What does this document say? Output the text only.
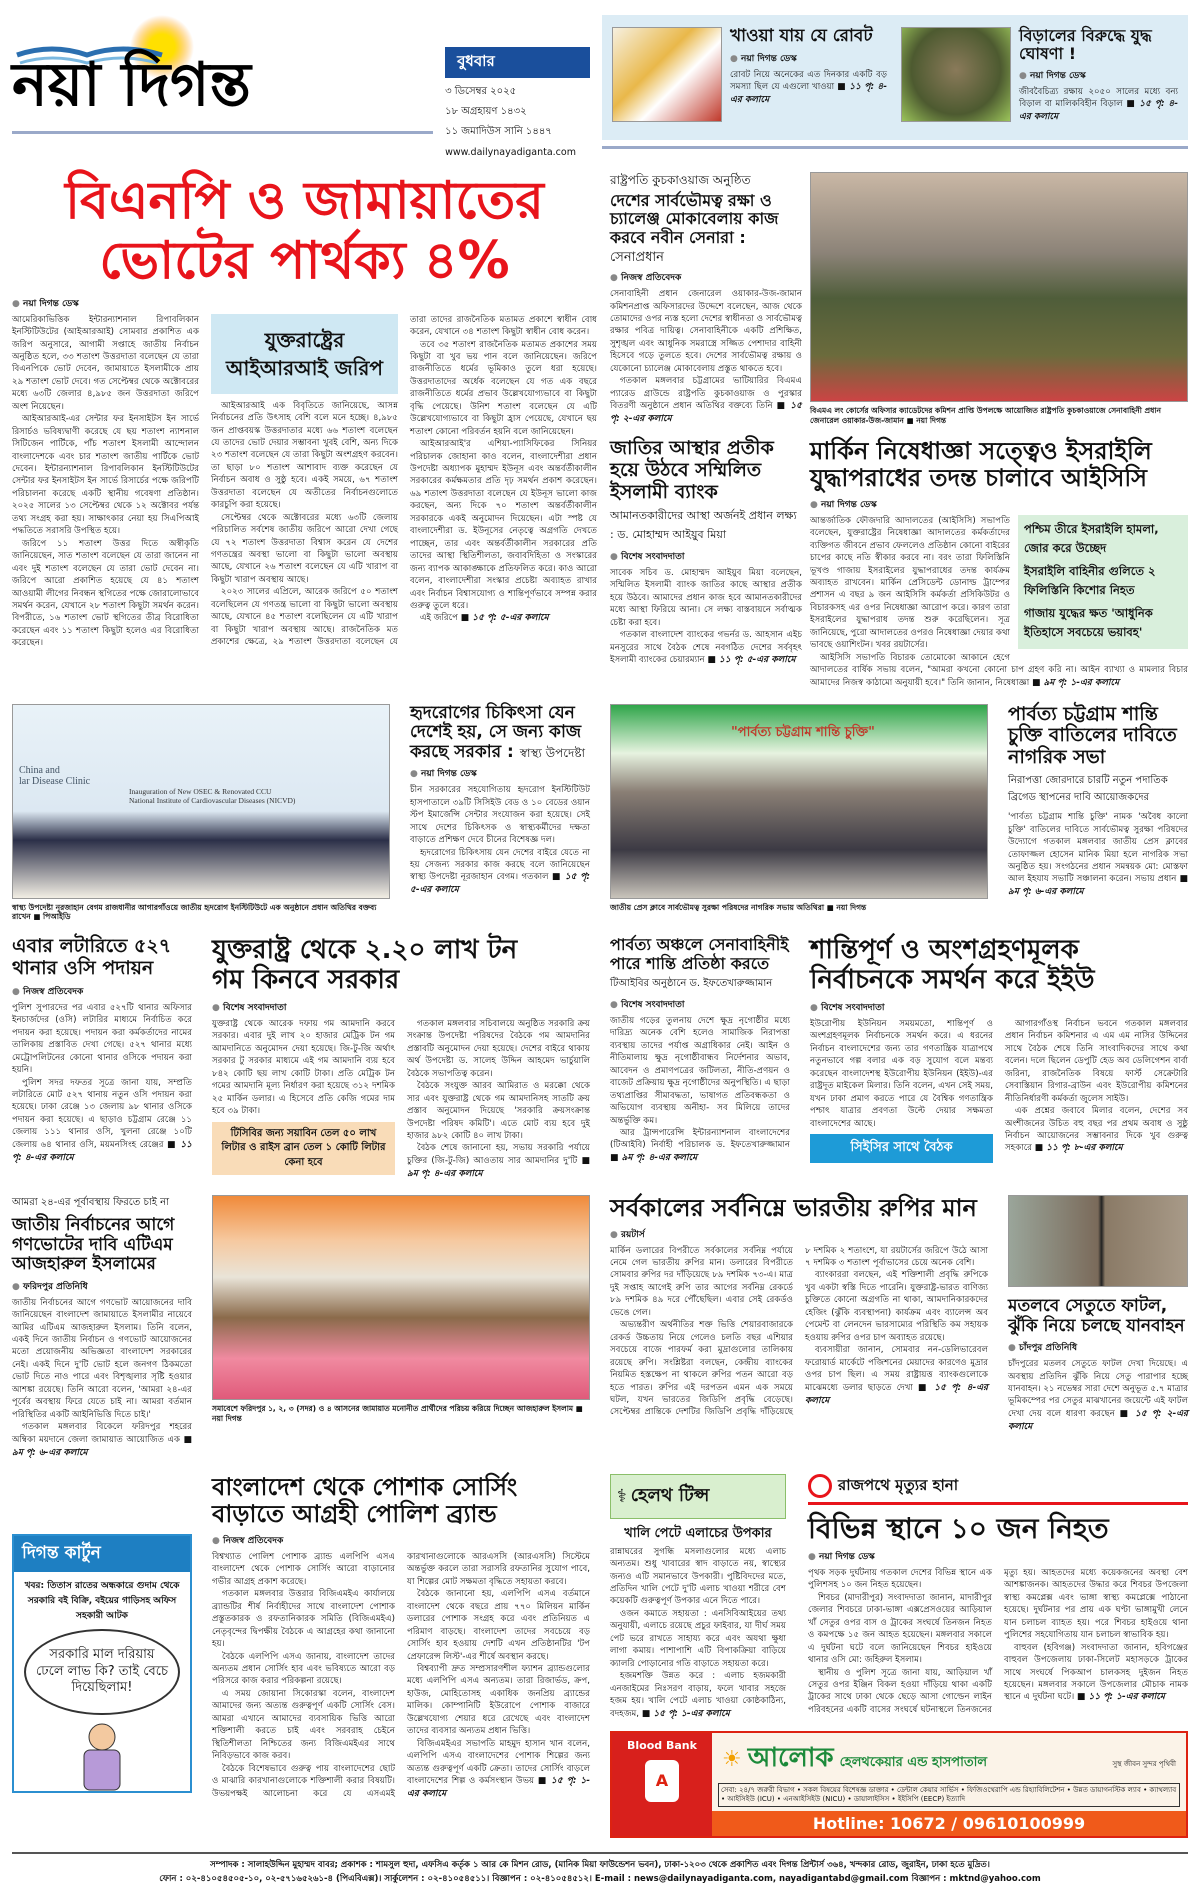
নয়া দিগন্ত	বুধবার
৩ ডিসেম্বর ২০২৫
১৮ অগ্রহায়ণ ১৪৩২
১১ জমাদিউস সানি ১৪৪৭
www.dailynayadiganta.com
খাওয়া যায় যে রোবট
● নয়া দিগন্ত ডেস্ক
রোবট নিয়ে অনেকের এত দিনকার একটি বড় সমস্যা ছিল যে এগুলো খাওয়া ■ ১১ পৃ: ৪-এর কলামে
বিড়ালের বিরুদ্ধে যুদ্ধ ঘোষণা !
● নয়া দিগন্ত ডেস্ক
জীববৈচিত্র্য রক্ষায় ২০৫০ সালের মধ্যে বন্য বিড়াল বা মালিকবিহীন বিড়াল ■ ১৫ পৃ: ৪-এর কলামে
বিএনপি ও জামায়াতের ভোটের পার্থক্য ৪%
● নয়া দিগন্ত ডেস্ক

আমেরিকাভিত্তিক ইন্টারন্যাশনাল রিপাবলিকান ইনস্টিটিউটের (আইআরআই) সোমবার প্রকাশিত এক জরিপ অনুসারে, আগামী সপ্তাহে জাতীয় নির্বাচন অনুষ্ঠিত হলে, ৩৩ শতাংশ উত্তরদাতা বলেছেন যে তারা বিএনপিকে ভোট দেবেন, জামায়াতে ইসলামীকে প্রায় ২৯ শতাংশ ভোট দেবে। গত সেপ্টেম্বর থেকে অক্টোবরের মধ্যে ৬৩টি জেলার ৪,৯৮৫ জন উত্তরদাতা জরিপে অংশ নিয়েছেন।

আইআরআই-এর সেন্টার ফর ইনসাইটস ইন সার্ভে রিসার্চও ভবিষ্যদ্বাণী করেছে যে ছয় শতাংশ ন্যাশনাল সিটিজেন পার্টিকে, পাঁচ শতাংশ ইসলামী আন্দোলন বাংলাদেশকে এবং চার শতাংশ জাতীয় পার্টিকে ভোট দেবেন। ইন্টারন্যাশনাল রিপাবলিকান ইনস্টিটিউটের সেন্টার ফর ইনসাইটস ইন সার্ভে রিসার্চের পক্ষে জরিপটি পরিচালনা করেছে একটি স্থানীয় গবেষণা প্রতিষ্ঠান। ২০২৫ সালের ১৩ সেপ্টেম্বর থেকে ১২ অক্টোবর পর্যন্ত তথ্য সংগ্রহ করা হয়। সাক্ষাৎকার নেয়া হয় সিএপিআই পদ্ধতিতে সরাসরি উপস্থিত হয়ে।

জরিপে ১১ শতাংশ উত্তর দিতে অস্বীকৃতি জানিয়েছেন, সাত শতাংশ বলেছেন যে তারা জানেন না এবং দুই শতাংশ বলেছেন যে তারা ভোট দেবেন না। জরিপে আরো প্রকাশিত হয়েছে যে ৪১ শতাংশ আওয়ামী লীগের নিবন্ধন স্থগিতের পক্ষে জোরালোভাবে সমর্থন করেন, যেখানে ২৮ শতাংশ কিছুটা সমর্থন করেন। বিপরীতে, ১৬ শতাংশ ভোট স্থগিতের তীব্র বিরোধিতা করেছেন এবং ১১ শতাংশ কিছুটা হলেও এর বিরোধিতা করেছেন।

যুক্তরাষ্ট্রের আইআরআই জরিপ

আইআরআই এক বিবৃতিতে জানিয়েছে, আসন্ন নির্বাচনের প্রতি উৎসাহ বেশি বলে মনে হচ্ছে। ৪,৯৮৫ জন প্রাপ্তবয়স্ক উত্তরদাতার মধ্যে ৬৬ শতাংশ বলেছেন যে তাদের ভোট দেয়ার সম্ভাবনা খুবই বেশি, অন্য দিকে ২৩ শতাংশ বলেছেন যে তারা কিছুটা অংশগ্রহণ করবেন। তা ছাড়া ৮০ শতাংশ আশাবাদ ব্যক্ত করেছেন যে নির্বাচন অবাধ ও সুষ্ঠু হবে। একই সময়ে, ৬৭ শতাংশ উত্তরদাতা বলেছেন যে অতীতের নির্বাচনগুলোতে কারচুপি করা হয়েছে।

সেপ্টেম্বর থেকে অক্টোবরের মধ্যে ৬৩টি জেলায় পরিচালিত সর্বশেষ জাতীয় জরিপে আরো দেখা গেছে যে ৭২ শতাংশ উত্তরদাতা বিশ্বাস করেন যে দেশের গণতন্ত্রের অবস্থা ভালো বা কিছুটা ভালো অবস্থায় আছে, যেখানে ২৬ শতাংশ বলেছেন যে এটি খারাপ বা কিছুটা খারাপ অবস্থায় আছে।

২০২৩ সালের এপ্রিলে, আরেক জরিপে ৫০ শতাংশ বলেছিলেন যে গণতন্ত্র ভালো বা কিছুটা ভালো অবস্থায় আছে, যেখানে ৪৫ শতাংশ বলেছিলেন যে এটি খারাপ বা কিছুটা খারাপ অবস্থায় আছে। রাজনৈতিক মত প্রকাশের ক্ষেত্রে, ২৯ শতাংশ উত্তরদাতা বলেছেন যে তারা তাদের রাজনৈতিক মতামত প্রকাশে স্বাধীন বোধ করেন, যেখানে ৩৪ শতাংশ কিছুটা স্বাধীন বোধ করেন।

তবে ৩৫ শতাংশ রাজনৈতিক মতামত প্রকাশের সময় কিছুটা বা খুব ভয় পান বলে জানিয়েছেন। জরিপে রাজনীতিতে ধর্মের ভূমিকাও তুলে ধরা হয়েছে। উত্তরদাতাদের অর্ধেক বলেছেন যে গত এক বছরে রাজনীতিতে ধর্মের প্রভাব উল্লেখযোগ্যভাবে বা কিছুটা বৃদ্ধি পেয়েছে। উনিশ শতাংশ বলেছেন যে এটি উল্লেখযোগ্যভাবে বা কিছুটা হ্রাস পেয়েছে, যেখানে ছয় শতাংশ কোনো পরিবর্তন হয়নি বলে জানিয়েছেন।

আইআরআই'র এশিয়া-প্যাসিফিকের সিনিয়র পরিচালক জোহানা কাও বলেন, বাংলাদেশীরা প্রধান উপদেষ্টা অধ্যাপক মুহাম্মদ ইউনূস এবং অন্তর্বর্তীকালীন সরকারের কর্মক্ষমতার প্রতি দৃঢ় সমর্থন প্রকাশ করেছেন। ৬৯ শতাংশ উত্তরদাতা বলেছেন যে ইউনূস ভালো কাজ করছেন, অন্য দিকে ৭০ শতাংশ অন্তর্বর্তীকালীন সরকারকে একই অনুমোদন দিয়েছেন। এটা স্পষ্ট যে বাংলাদেশীরা ড. ইউনূসের নেতৃত্বে অগ্রগতি দেখতে পাচ্ছেন, তার এবং অন্তর্বর্তীকালীন সরকারের প্রতি তাদের আস্থা স্থিতিশীলতা, জবাবদিহিতা ও সংস্কারের জন্য ব্যাপক আকাঙ্ক্ষাকে প্রতিফলিত করে। কাও আরো বলেন, বাংলাদেশীরা সংস্কার প্রচেষ্টা অব্যাহত রাখার এবং নির্বাচন বিশ্বাসযোগ্য ও শান্তিপূর্ণভাবে সম্পন্ন করার গুরুত্ব তুলে ধরে।

এই জরিপে ■ ১৫ পৃ: ৫-এর কলামে

রাষ্ট্রপতি কুচকাওয়াজ অনুষ্ঠিত
দেশের সার্বভৌমত্ব রক্ষা ও চ্যালেঞ্জ মোকাবেলায় কাজ করবে নবীন সেনারা : সেনাপ্রধান
● নিজস্ব প্রতিবেদক

সেনাবাহিনী প্রধান জেনারেল ওয়াকার-উজ-জামান কমিশনপ্রাপ্ত অফিসারদের উদ্দেশে বলেছেন, আজ থেকে তোমাদের ওপর ন্যস্ত হলো দেশের স্বাধীনতা ও সার্বভৌমত্ব রক্ষার পবিত্র দায়িত্ব। সেনাবাহিনীকে একটি প্রশিক্ষিত, সুশৃঙ্খল এবং আধুনিক সমরাস্ত্রে সজ্জিত পেশাদার বাহিনী হিসেবে গড়ে তুলতে হবে। দেশের সার্বভৌমত্ব রক্ষায় ও যেকোনো চ্যালেঞ্জ মোকাবেলায় প্রস্তুত থাকতে হবে।

গতকাল মঙ্গলবার চট্টগ্রামের ভাটিয়ারির বিএমএ প্যারেড গ্রাউন্ডে রাষ্ট্রপতি কুচকাওয়াজ ও পুরস্কার বিতরণী অনুষ্ঠানে প্রধান অতিথির বক্তব্যে তিনি ■ ১৫ পৃ: ২-এর কলামে

জাতির আস্থার প্রতীক হয়ে উঠবে সম্মিলিত ইসলামী ব্যাংক
আমানতকারীদের আস্থা অর্জনই প্রধান লক্ষ্য : ড. মোহাম্মদ আইয়ুব মিয়া
● বিশেষ সংবাদদাতা

সাবেক সচিব ড. মোহাম্মদ আইয়ুব মিয়া বলেছেন, সম্মিলিত ইসলামী ব্যাংক জাতির কাছে আস্থার প্রতীক হয়ে উঠবে। আমাদের প্রধান কাজ হবে আমানতকারীদের মধ্যে আস্থা ফিরিয়ে আনা। সে লক্ষ্য বাস্তবায়নে সর্বাত্মক চেষ্টা করা হবে।

গতকাল বাংলাদেশ ব্যাংকের গভর্নর ড. আহসান এইচ মনসুরের সাথে বৈঠক শেষে নবগঠিত দেশের সর্ববৃহৎ ইসলামী ব্যাংকের চেয়ারম্যান ■ ১১ পৃ: ৫-এর কলামে

বিএমএ লং কোর্সের অফিসার ক্যাডেটদের কমিশন প্রাপ্তি উপলক্ষে আয়োজিত রাষ্ট্রপতি কুচকাওয়াজে সেনাবাহিনী প্রধান জেনারেল ওয়াকার-উজ-জামান ■ নয়া দিগন্ত
মার্কিন নিষেধাজ্ঞা সত্ত্বেও ইসরাইলি যুদ্ধাপরাধের তদন্ত চালাবে আইসিসি
● নয়া দিগন্ত ডেস্ক
পশ্চিম তীরে ইসরাইলি হামলা, জোর করে উচ্ছেদ
ইসরাইলি বাহিনীর গুলিতে ২ ফিলিস্তিনি কিশোর নিহত
গাজায় যুদ্ধের ক্ষত 'আধুনিক ইতিহাসে সবচেয়ে ভয়াবহ'

আন্তর্জাতিক ফৌজদারি আদালতের (আইসিসি) সভাপতি বলেছেন, যুক্তরাষ্ট্রের নিষেধাজ্ঞা আদালতের কর্মকর্তাদের ব্যক্তিগত জীবনে প্রভাব ফেললেও প্রতিষ্ঠান কোনো বাইরের চাপের কাছে নতি স্বীকার করবে না। বরং তারা ফিলিস্তিনি ভূখণ্ড গাজায় ইসরাইলের যুদ্ধাপরাধের তদন্ত কার্যক্রম অব্যাহত রাখবেন। মার্কিন প্রেসিডেন্ট ডোনাল্ড ট্রাম্পের প্রশাসন এ বছর ৯ জন আইসিসি কর্মকর্তা প্রসিকিউটর ও বিচারকসহ এর ওপর নিষেধাজ্ঞা আরোপ করে। কারণ তারা ইসরাইলের যুদ্ধাপরাধ তদন্ত শুরু করেছিলেন। সূত্র জানিয়েছে, পুরো আদালতের ওপরও নিষেধাজ্ঞা দেয়ার কথা ভাবছে ওয়াশিংটন। খবর রয়টার্সের।

আইসিসি সভাপতি বিচারক তোমোকো আকানে হেগে আদালতের বার্ষিক সভায় বলেন, "আমরা কখনো কোনো চাপ গ্রহণ করি না। আইন ব্যাখ্যা ও মামলার বিচার আমাদের নিজস্ব কাঠামো অনুযায়ী হবে।" তিনি জানান, নিষেধাজ্ঞা ■ ৯ম পৃ: ১-এর কলামে

China and
lar Disease Clinic
Inauguration of New OSEC & Renovated CCU
National Institute of Cardiovascular Diseases (NICVD)
স্বাস্থ্য উপদেষ্টা নূরজাহান বেগম রাজধানীর আগারগাঁওয়ে জাতীয় হৃদরোগ ইনস্টিটিউটে এক অনুষ্ঠানে প্রধান অতিথির বক্তব্য রাখেন ■ পিআইডি
হৃদরোগের চিকিৎসা যেন দেশেই হয়, সে জন্য কাজ করছে সরকার : স্বাস্থ্য উপদেষ্টা
● নয়া দিগন্ত ডেস্ক

চীন সরকারের সহযোগিতায় হৃদরোগ ইনস্টিটিউট হাসপাতালে ৩৯টি সিসিইউ বেড ও ১০ বেডের ওয়ান স্টপ ইমার্জেন্সি সেন্টার সংযোজন করা হয়েছে। সেই সাথে দেশের চিকিৎসক ও স্বাস্থ্যকর্মীদের দক্ষতা বাড়াতে প্রশিক্ষণ দেবে চীনের বিশেষজ্ঞ দল।

হৃদরোগের চিকিৎসায় যেন দেশের বাইরে যেতে না হয় সেজন্য সরকার কাজ করছে বলে জানিয়েছেন স্বাস্থ্য উপদেষ্টা নূরজাহান বেগম। গতকাল ■ ১৫ পৃ: ৫-এর কলামে

"পার্বত্য চট্টগ্রাম শান্তি চুক্তি"
জাতীয় প্রেস ক্লাবে সার্বভৌমত্ব সুরক্ষা পরিষদের নাগরিক সভায় অতিথিরা ■ নয়া দিগন্ত
পার্বত্য চট্টগ্রাম শান্তি চুক্তি বাতিলের দাবিতে নাগরিক সভা
নিরাপত্তা জোরদারে চারটি নতুন পদাতিক ব্রিগেড স্থাপনের দাবি আয়োজকদের

'পার্বত্য চট্টগ্রাম শান্তি চুক্তি' নামক 'অবৈধ কালো চুক্তি' বাতিলের দাবিতে সার্বভৌমত্ব সুরক্ষা পরিষদের উদ্যোগে গতকাল মঙ্গলবার জাতীয় প্রেস ক্লাবের তোফাজ্জল হোসেন মানিক মিয়া হলে নাগরিক সভা অনুষ্ঠিত হয়। সংগঠনের প্রধান সমন্বয়ক মো: মোস্তফা আল ইহযায সভাটি সঞ্চালনা করেন। সভায় প্রধান ■ ৯ম পৃ: ৬-এর কলামে

এবার লটারিতে ৫২৭ থানার ওসি পদায়ন
● নিজস্ব প্রতিবেদক

পুলিশ সুপারদের পর এবার ৫২৭টি থানার অফিসার ইনচার্জদের (ওসি) লটারির মাধ্যমে নির্বাচিত করে পদায়ন করা হয়েছে। পদায়ন করা কর্মকর্তাদের নামের তালিকায় প্রস্তাবিত দেখা গেছে। ৫২৭ থানার মধ্যে মেট্রোপলিটনের কোনো থানার ওসিকে পদায়ন করা হয়নি।

পুলিশ সদর দফতর সূত্রে জানা যায়, সম্প্রতি লটারিতে মোট ৫২৭ থানায় নতুন ওসি পদায়ন করা হয়েছে। ঢাকা রেঞ্জে ১৩ জেলায় ৯৮ থানার ওসিকে পদায়ন করা হয়েছে। এ ছাড়াও চট্টগ্রাম রেঞ্জে ১১ জেলায় ১১১ থানার ওসি, খুলনা রেঞ্জে ১০টি জেলায় ৬৪ থানার ওসি, ময়মনসিংহ রেঞ্জের ■ ১১ পৃ: ৪-এর কলামে

যুক্তরাষ্ট্র থেকে ২.২০ লাখ টন গম কিনবে সরকার
● বিশেষ সংবাদদাতা

যুক্তরাষ্ট্র থেকে আরেক দফায় গম আমদানি করবে সরকার। এবার দুই লাখ ২০ হাজার মেট্রিক টন গম আমদানিতে অনুমোদন দেয়া হয়েছে। জি-টু-জি অর্থাৎ সরকার টু সরকার মাধ্যমে এই গম আমদানি ব্যয় হবে ৮৪২ কোটি ছয় লাখ কোটি টাকা। প্রতি মেট্রিক টন গমের আমদানি মূল্য নির্ধারণ করা হয়েছে ৩১২ দশমিক ২৫ মার্কিন ডলার। এ হিসেবে প্রতি কেজি গমের দাম হবে ৩৯ টাকা।

টিসিবির জন্য সয়াবিন তেল ৫০ লাখ লিটার ও রাইস ব্রান তেল ১ কোটি লিটার কেনা হবে

গতকাল মঙ্গলবার সচিবালয়ে অনুষ্ঠিত সরকারি ক্রয় সংক্রান্ত উপদেষ্টা পরিষদের বৈঠকে গম আমদানির প্রস্তাবটি অনুমোদন দেয়া হয়েছে। দেশের বাইরে থাকায় অর্থ উপদেষ্টা ড. সালেহ উদ্দিন আহমেদ ভার্চুয়ালি বৈঠকে সভাপতিত্ব করেন।

বৈঠকে সংযুক্ত আরব আমিরাত ও মরক্কো থেকে সার এবং যুক্তরাষ্ট্র থেকে গম আমদানিসহ সাতটি ক্রয় প্রস্তাব অনুমোদন দিয়েছে 'সরকারি ক্রয়সংক্রান্ত উপদেষ্টা পরিষদ কমিটি'। এতে মোট ব্যয় হবে দুই হাজার ৯৮২ কোটি ৪০ লাখ টাকা।

বৈঠক শেষে জানানো হয়, সভায় সরকারি পর্যায়ে চুক্তির (জি-টু-জি) আওতায় সার আমদানির দু'টি ■ ৯ম পৃ: ৪-এর কলামে

পার্বত্য অঞ্চলে সেনাবাহিনীই পারে শান্তি প্রতিষ্ঠা করতে
টিআইবির অনুষ্ঠানে ড. ইফতেখারুজ্জামান
● বিশেষ সংবাদদাতা

জাতীয় গড়ের তুলনায় দেশে ক্ষুদ্র নৃগোষ্ঠীর মধ্যে দারিদ্র্য অনেক বেশি হলেও সামাজিক নিরাপত্তা ব্যবস্থায় তাদের পর্যাপ্ত অগ্রাধিকার নেই। আইন ও নীতিমালায় ক্ষুদ্র নৃগোষ্ঠীবান্ধব নির্দেশনার অভাব, আবেদন ও প্রমাণপত্রের জটিলতা, নীতি-প্রণয়ন ও বাজেট প্রক্রিয়ায় ক্ষুদ্র নৃগোষ্ঠীদের অনুপস্থিতি। এ ছাড়া তথ্যপ্রাপ্তির সীমাবদ্ধতা, ভাষাগত প্রতিবন্ধকতা ও অভিযোগ ব্যবস্থায় অনীহা- সব মিলিয়ে তাদের অন্তর্ভুক্তি কম।

আর ট্রান্সপারেন্সি ইন্টারন্যাশনাল বাংলাদেশের (টিআইবি) নির্বাহী পরিচালক ড. ইফতেখারুজ্জামান ■ ৯ম পৃ: ৪-এর কলামে

শান্তিপূর্ণ ও অংশগ্রহণমূলক নির্বাচনকে সমর্থন করে ইইউ
● বিশেষ সংবাদদাতা

ইউরোপীয় ইউনিয়ন সময়মতো, শান্তিপূর্ণ ও অংশগ্রহণমূলক নির্বাচনকে সমর্থন করে। এ ধরনের নির্বাচন বাংলাদেশের জন্য তার গণতান্ত্রিক যাত্রাপথে নতুনভাবে গল্প বলার এক বড় সুযোগ বলে মন্তব্য করেছেন বাংলাদেশস্থ ইউরোপীয় ইউনিয়ন (ইইউ)-এর রাষ্ট্রদূত মাইকেল মিলার। তিনি বলেন, এখন সেই সময়, যখন ঢাকা প্রমাণ করতে পারে যে বৈশ্বিক গণতান্ত্রিক পশ্চাৎ যাত্রার প্রবণতা উল্টে দেয়ার সক্ষমতা বাংলাদেশের আছে।

সিইসির সাথে বৈঠক

আগারগাঁওস্থ নির্বাচন ভবনে গতকাল মঙ্গলবার প্রধান নির্বাচন কমিশনার এ এম এম নাসির উদ্দিনের সাথে বৈঠক শেষে তিনি সাংবাদিকদের সাথে কথা বলেন। দলে ছিলেন ডেপুটি হেড অব ডেলিগেশন বার্বা জরিনা, রাজনৈতিক বিষয়ে ফার্স্ট সেক্রেটারি সেবাস্তিয়ান রিগার-ব্রাউন এবং ইউরোপীয় কমিশনের নীতিনির্ধারণী কর্মকর্তা জুলেস সাইউ।

এক প্রশ্নের জবাবে মিলার বলেন, দেশের সব অংশীজনের উচিত বহু বছর পর প্রথম অবাধ ও সুষ্ঠু নির্বাচন আয়োজনের সম্ভাবনার দিকে খুব গুরুত্ব সহকারে ■ ১১ পৃ: ৮-এর কলামে

আমরা ২৪-এর পূর্বাবস্থায় ফিরতে চাই না
জাতীয় নির্বাচনের আগে গণভোটের দাবি এটিএম আজহারুল ইসলামের
● ফরিদপুর প্রতিনিধি

জাতীয় নির্বাচনের আগে গণভোট আয়োজনের দাবি জানিয়েছেন বাংলাদেশ জামায়াতে ইসলামীর নায়েবে আমির এটিএম আজহারুল ইসলাম। তিনি বলেন, একই দিনে জাতীয় নির্বাচন ও গণভোট আয়োজনের মতো প্রয়োজনীয় অভিজ্ঞতা বাংলাদেশ সরকারের নেই। একই দিনে দু'টি ভোট হলে জনগণ ঠিকমতো ভোট দিতে নাও পারে এবং বিশৃঙ্খলার সৃষ্টি হওয়ার আশঙ্কা রয়েছে। তিনি আরো বলেন, 'আমরা ২৪-এর পূর্বের অবস্থায় ফিরে যেতে চাই না। আমরা বর্তমান পরিস্থিতির একটি আইনিভিত্তি দিতে চাই।'

গতকাল মঙ্গলবার বিকেলে ফরিদপুর শহরের অম্বিকা ময়দানে জেলা জামায়াত আয়োজিত এক ■ ৯ম পৃ: ৬-এর কলামে

সমাবেশে ফরিদপুর ১, ২, ৩ (সদর) ও ৪ আসনের জামায়াত মনোনীত প্রার্থীদের পরিচয় করিয়ে দিচ্ছেন আজহারুল ইসলাম ■ নয়া দিগন্ত
সর্বকালের সর্বনিম্নে ভারতীয় রুপির মান
● রয়টার্স

মার্কিন ডলারের বিপরীতে সর্বকালের সর্বনিম্ন পর্যায়ে নেমে গেল ভারতীয় রুপির মান। ডলারের বিপরীতে সোমবার রুপির দর দাঁড়িয়েছে ৮৯ দশমিক ৭৩-এ। মাত্র দুই সপ্তাহ আগেই রুপি তার আগের সর্বনিম্ন রেকর্ডে ৮৯ দশমিক ৪৯ দরে পৌঁছেছিল। এবার সেই রেকর্ডও ভেঙে গেল।

অভ্যন্তরীণ অর্থনীতির শক্ত ভিত্তি শেয়ারবাজারকে রেকর্ড উচ্চতায় নিয়ে গেলেও চলতি বছর এশিয়ার সবচেয়ে বাজে পারফর্ম করা মুদ্রাগুলোর তালিকায় রয়েছে রুপি। সংশ্লিষ্টরা বলছেন, কেন্দ্রীয় ব্যাংকের নিয়মিত হস্তক্ষেপ না থাকলে রুপির পতন আরো বড় হতে পারত। রুপির এই দরপতন এমন এক সময়ে ঘটল, যখন ভারতের জিডিপি প্রবৃদ্ধি বেড়েছে। সেপ্টেম্বর প্রান্তিকে দেশটির জিডিপি প্রবৃদ্ধি দাঁড়িয়েছে ৮ দশমিক ২ শতাংশে, যা রয়টার্সের জরিপে উঠে আসা ৭ দশমিক ৩ শতাংশ পূর্বাভাসের চেয়ে অনেক বেশি।

ব্যাংকাররা বলছেন, এই শক্তিশালী প্রবৃদ্ধি রুপিকে খুব একটা স্বস্তি দিতে পারেনি। যুক্তরাষ্ট্র-ভারত বাণিজ্য চুক্তিতে কোনো অগ্রগতি না থাকা, আমদানিকারকদের হেজিং (ঝুঁকি ব্যবস্থাপনা) কার্যক্রম এবং ব্যালেন্স অব পেমেন্ট বা লেনদেন ভারসাম্যের পরিস্থিতি কম সহায়ক হওয়ায় রুপির ওপর চাপ অব্যাহত রয়েছে।

ব্যবসায়ীরা জানান, সোমবার নন-ডেলিভারেবল ফরোয়ার্ড মার্কেটে পজিশনের মেয়াদের কারণেও মুদ্রার ওপর চাপ ছিল। এ সময় রাষ্ট্রায়ত্ত ব্যাংকগুলোকে মাঝেমধ্যে ডলার ছাড়তে দেখা ■ ১৫ পৃ: ৪-এর কলামে

মতলবে সেতুতে ফাটল, ঝুঁকি নিয়ে চলছে যানবাহন
● চাঁদপুর প্রতিনিধি

চাঁদপুরের মতলব সেতুতে ফাটল দেখা দিয়েছে। এ অবস্থায় প্রতিদিন ঝুঁকি নিয়ে সেতু পারাপার হচ্ছে যানবাহন। ২১ নভেম্বর সারা দেশে অনুভূত ৫.৭ মাত্রার ভূমিকম্পের পর সেতুর মাঝখানের জয়েন্টে এই ফাটল দেখা দেয় বলে ধারণা করছেন ■ ১৫ পৃ: ২-এর কলামে

দিগন্ত কার্টুন
খবর: তিতাস রাতের অন্ধকারে গুদাম থেকে সরকারি বই বিক্রি, বইয়ের গাড়িসহ অফিস সহকারী আটক
সরকারি মাল দরিয়ায় ঢেলে লাভ কি? তাই বেচে দিয়েছিলাম!
বাংলাদেশ থেকে পোশাক সোর্সিং বাড়াতে আগ্রহী পোলিশ ব্র্যান্ড
● নিজস্ব প্রতিবেদক

বিশ্বখ্যাত পোলিশ পোশাক ব্র্যান্ড এলপিপি এসএ বাংলাদেশ থেকে পোশাক সোর্সিং আরো বাড়ানোর গভীর আগ্রহ প্রকাশ করেছে।

গতকাল মঙ্গলবার উত্তরার বিজিএমইএ কার্যালয়ে ব্র্যান্ডটির শীর্ষ নির্বাহীদের সাথে বাংলাদেশ পোশাক প্রস্তুতকারক ও রফতানিকারক সমিতি (বিজিএমইএ) নেতৃবৃন্দের দ্বিপক্ষীয় বৈঠকে এ আগ্রহের কথা জানানো হয়।

বৈঠকে এলপিপি এসএ জানায়, বাংলাদেশ তাদের অন্যতম প্রধান সোর্সিং হাব এবং ভবিষ্যতে আরো বড় পরিসরে কাজ করার পরিকল্পনা রয়েছে।

এ সময় জোয়ানা সিকোরস্কা বলেন, বাংলাদেশ আমাদের জন্য অত্যন্ত গুরুত্বপূর্ণ একটি সোর্সিং বেস। আমরা এখানে আমাদের ব্যবসায়িক ভিত্তি আরো শক্তিশালী করতে চাই এবং সরবরাহ চেইনে স্থিতিশীলতা নিশ্চিতের জন্য বিজিএমইএর সাথে নিবিড়ভাবে কাজ করব।

বৈঠকে বিশেষভাবে গুরুত্ব পায় বাংলাদেশের ছোট ও মাঝারি কারখানাগুলোকে শক্তিশালী করার বিষয়টি। উভয়পক্ষই আলোচনা করে যে এসএমই কারখানাগুলোকে আরএসসি (আরএসসি) সিস্টেমে অন্তর্ভুক্ত করলে তারা সরাসরি রফতানির সুযোগ পাবে, যা শিল্পের মোট সক্ষমতা বৃদ্ধিতে সহায়তা করবে।

বৈঠকে জানানো হয়, এলপিপি এসএ বর্তমানে বাংলাদেশ থেকে বছরে প্রায় ৭৭০ মিলিয়ন মার্কিন ডলারের পোশাক সংগ্রহ করে এবং প্রতিনিয়ত এ পরিমাণ বাড়ছে। বাংলাদেশ তাদের সবচেয়ে বড় সোর্সিং হাব হওয়ায় দেশটি এখন প্রতিষ্ঠানটির 'টপ প্রেফারেন্স লিস্ট'-এর শীর্ষে অবস্থান করছে।

বিশ্বব্যাপী দ্রুত সম্প্রসারণশীল ফ্যাশন ব্র্যান্ডগুলোর মধ্যে এলপিপি এসএ অন্যতম। তারা রিজার্ভড, ক্রপ, হাউজ, মোহিতোসহ একাধিক জনপ্রিয় ব্র্যান্ডের মালিক। কোম্পানিটি ইউরোপে পোশাক বাজারে উল্লেখযোগ্য শেয়ার ধরে রেখেছে এবং বাংলাদেশ তাদের ব্যবসার অন্যতম প্রধান ভিত্তি।

বিজিএমইএর সভাপতি মাহমুদ হাসান খান বলেন, এলপিপি এসএ বাংলাদেশের পোশাক শিল্পের জন্য অত্যন্ত গুরুত্বপূর্ণ একটি ক্রেতা। তাদের সোর্সিং বাড়লে বাংলাদেশের শিল্প ও কর্মসংস্থান উভয় ■ ১৫ পৃ: ১-এর কলামে

⚕ হেলথ টিপ্স
খালি পেটে এলাচের উপকার

রান্নাঘরের সুগন্ধি মসলাগুলোর মধ্যে এলাচ অন্যতম। শুধু খাবারের স্বাদ বাড়াতে নয়, স্বাস্থ্যের জন্যও এটি সমানভাবে উপকারী। পুষ্টিবিদদের মতে, প্রতিদিন খালি পেটে দু'টি এলাচ খাওয়া শরীরে বেশ কয়েকটি গুরুত্বপূর্ণ উপকার এনে দিতে পারে।

ওজন কমাতে সহায়তা : এনসিবিআইয়ের তথ্য অনুযায়ী, এলাচে রয়েছে প্রচুর ফাইবার, যা দীর্ঘ সময় পেট ভরে রাখতে সাহায্য করে এবং অযথা ক্ষুধা লাগা কমায়। পাশাপাশি এটি বিপাকক্রিয়া বাড়িয়ে ক্যালরি পোড়ানোর গতি বাড়াতে সহায়তা করে।

হজমশক্তি উন্নত করে : এলাচ হজমকারী এনজাইমের নিঃসরণ বাড়ায়, ফলে খাবার সহজে হজম হয়। খালি পেটে এলাচ খাওয়া কোষ্ঠকাঠিন্য, বদহজম, ■ ১৫ পৃ: ১-এর কলামে

রাজপথে মৃত্যুর হানা
বিভিন্ন স্থানে ১০ জন নিহত
● নয়া দিগন্ত ডেস্ক

পৃথক সড়ক দুর্ঘটনায় গতকাল দেশের বিভিন্ন স্থানে এক পুলিশসহ ১০ জন নিহত হয়েছেন।

শিবচর (মাদারীপুর) সংবাদদাতা জানান, মাদারীপুর জেলার শিবচরে ঢাকা-ভাঙ্গা এক্সপ্রেসওয়ের আড়িয়াল খাঁ সেতুর ওপর বাস ও ট্রাকের সংঘর্ষে তিনজন নিহত ও কমপক্ষে ১৫ জন আহত হয়েছেন। মঙ্গলবার সকালে এ দুর্ঘটনা ঘটে বলে জানিয়েছেন শিবচর হাইওয়ে থানার ওসি মো: জহিরুল ইসলাম।

স্থানীয় ও পুলিশ সূত্রে জানা যায়, আড়িয়াল খাঁ সেতুর ওপর ইঞ্জিন বিকল হওয়া দাঁড়িয়ে থাকা একটি ট্রাকের সাথে ঢাকা থেকে ছেড়ে আসা গোল্ডেন লাইন পরিবহনের একটি বাসের সংঘর্ষে ঘটনাস্থলে তিনজনের মৃত্যু হয়। আহতদের মধ্যে কয়েকজনের অবস্থা বেশ আশঙ্কাজনক। আহতদের উদ্ধার করে শিবচর উপজেলা স্বাস্থ্য কমপ্লেক্স এবং ভাঙ্গা স্বাস্থ্য কমপ্লেক্সে পাঠানো হয়েছে। দুর্ঘটনার পর প্রায় এক ঘণ্টা ভাঙ্গামুখী লেনে যান চলাচল ব্যাহত হয়। পরে শিবচর হাইওয়ে থানা পুলিশের সহযোগিতায় যান চলাচল স্বাভাবিক হয়।

বাহুবল (হবিগঞ্জ) সংবাদদাতা জানান, হবিগঞ্জের বাহুবল উপজেলায় ঢাকা-সিলেট মহাসড়কে ট্রাকের সাথে সংঘর্ষে পিকআপ চালকসহ দুইজন নিহত হয়েছেন। মঙ্গলবার সকালে উপজেলার মৌচাক নামক স্থানে এ দুর্ঘটনা ঘটে। ■ ১১ পৃ: ১-এর কলামে

Blood Bank
A
☀ আলোক হেলথকেয়ার এন্ড হাসপাতাল	সুস্থ জীবন সুন্দর পৃথিবী
সেবা: ২৪/৭ জরুরী বিভাগ • সকল বিষয়ের বিশেষজ্ঞ ডাক্তার • ডেন্টাল কেয়ার সার্ভিস • ফিজিওথেরাপি এন্ড রিহ্যাবিলিটেশন • উন্নত ডায়াগনস্টিক ল্যাব • ক্যাথল্যাব • আইসিইউ (ICU) • এনআইসিইউ (NICU) • ডায়ালাইসিস • ইইসিপি (EECP) ইত্যাদি
Hotline: 10672 / 09610100999
সম্পাদক : সালাহউদ্দিন মুহাম্মদ বাবর; প্রকাশক : শামসুল হুদা, এফসিএ কর্তৃক ১ আর কে মিশন রোড, (মানিক মিয়া ফাউন্ডেশন ভবন), ঢাকা-১২০৩ থেকে প্রকাশিত এবং দিগন্ত প্রিন্টার্স ৩৬৪, খন্দকার রোড, জুরাইন, ঢাকা হতে মুদ্রিত।
ফোন : ০২-৪১০৫৪৫০৫-১০, ০২-৫৭১৬৫২৬১-৪ (পিএবিএক্স)। সার্কুলেশন : ০২-৪১০৫৪৫১১। বিজ্ঞাপন : ০২-৪১০৫৪৫১২। E-mail : news@dailynayadiganta.com, nayadigantabd@gmail.com বিজ্ঞাপন : mktnd@yahoo.com
